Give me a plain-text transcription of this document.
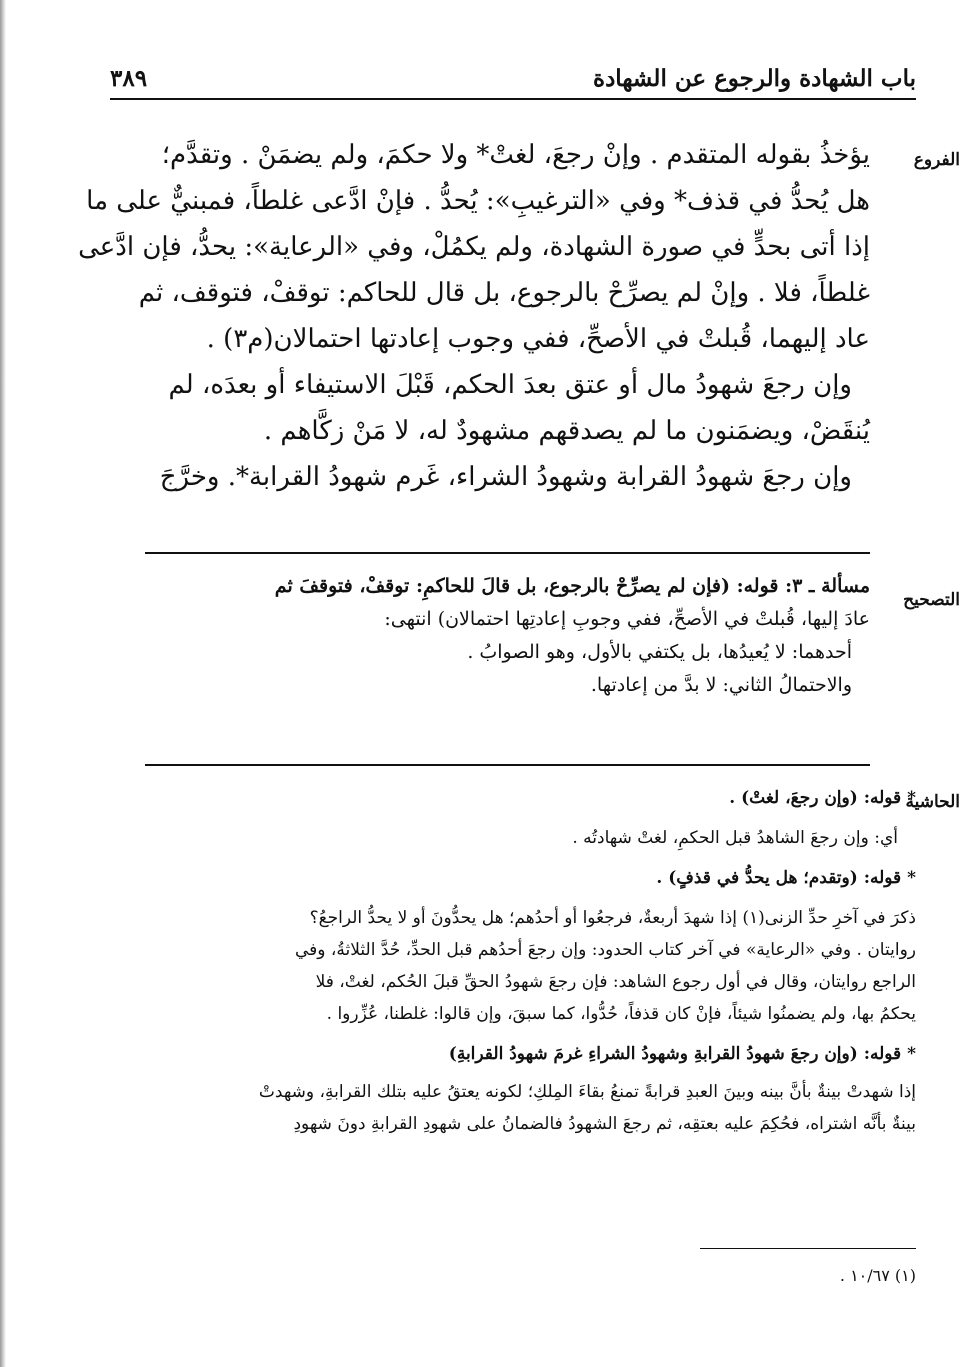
باب الشهادة والرجوع عن الشهادة
٣٨٩
الفروع
التصحيح
الحاشية

يؤخذُ بقوله المتقدم . وإنْ رجعَ، لغتْ* ولا حكمَ، ولم يضمَنْ . وتقدَّم؛

هل يُحدُّ في قذف* وفي «الترغيبِ»: يُحدُّ . فإنْ ادَّعى غلطاً، فمبنيٌّ على ما

إذا أتى بحدٍّ في صورة الشهادة، ولم يكمُلْ، وفي «الرعاية»: يحدُّ، فإن ادَّعى

غلطاً، فلا . وإنْ لم يصرِّحْ بالرجوع، بل قال للحاكم: توقفْ، فتوقف، ثم

عاد إليهما، قُبلتْ في الأصحِّ، ففي وجوب إعادتها احتمالان(م٣) .

وإن رجعَ شهودُ مال أو عتق بعدَ الحكم، قَبْلَ الاستيفاء أو بعدَه، لم

يُنقَضْ، ويضمَنون ما لم يصدقهم مشهودٌ له، لا مَنْ زكَّاهم .

وإن رجعَ شهودُ القرابة وشهودُ الشراء، غَرم شهودُ القرابة*. وخرَّجَ

مسألة ـ ٣: قوله: (فإن لم يصرِّحْ بالرجوع، بل قالَ للحاكمِ: توقفْ، فتوقفَ ثم

عادَ إليها، قُبلتْ في الأصحِّ، ففي وجوبِ إعادتِها احتمالان) انتهى:

أحدهما: لا يُعيدُها، بل يكتفي بالأول، وهو الصوابُ .

والاحتمالُ الثاني: لا بدَّ من إعادتها.

* قوله: (وإن رجعَ، لغتْ) .

أي: وإن رجعَ الشاهدُ قبل الحكمِ، لغتْ شهادتُه .

* قوله: (وتقدم؛ هل يحدُّ في قذفٍ) .

ذكرَ في آخرِ حدِّ الزنى(١) إذا شهدَ أربعةٌ، فرجعُوا أو أحدُهم؛ هل يحدُّونَ أو لا يحدُّ الراجعُ؟

روايتان . وفي «الرعاية» في آخر كتاب الحدود: وإن رجعَ أحدُهم قبل الحدِّ، حُدَّ الثلاثةُ، وفي

الراجع روايتان، وقال في أول رجوع الشاهد: فإن رجعَ شهودُ الحقِّ قبلَ الحُكم، لغتْ، فلا

يحكمُ بها، ولم يضمنُوا شيئاً، فإنْ كان قذفاً، حُدُّوا، كما سبقَ، وإن قالوا: غلطنا، عُزِّروا .

* قوله: (وإن رجعَ شهودُ القرابةِ وشهودُ الشراءِ غرمَ شهودُ القرابةِ)

إذا شهدتْ بينةٌ بأنَّ بينه وبينَ العبدِ قرابةً تمنعُ بقاءَ المِلكِ؛ لكونه يعتقُ عليه بتلك القرابةِ، وشهدتْ

بينةٌ بأنَّه اشتراه، فحُكِمَ عليه بعتقِه، ثم رجعَ الشهودُ فالضمانُ على شهودِ القرابةِ دونَ شهودِ

(١) ١٠/٦٧ .
